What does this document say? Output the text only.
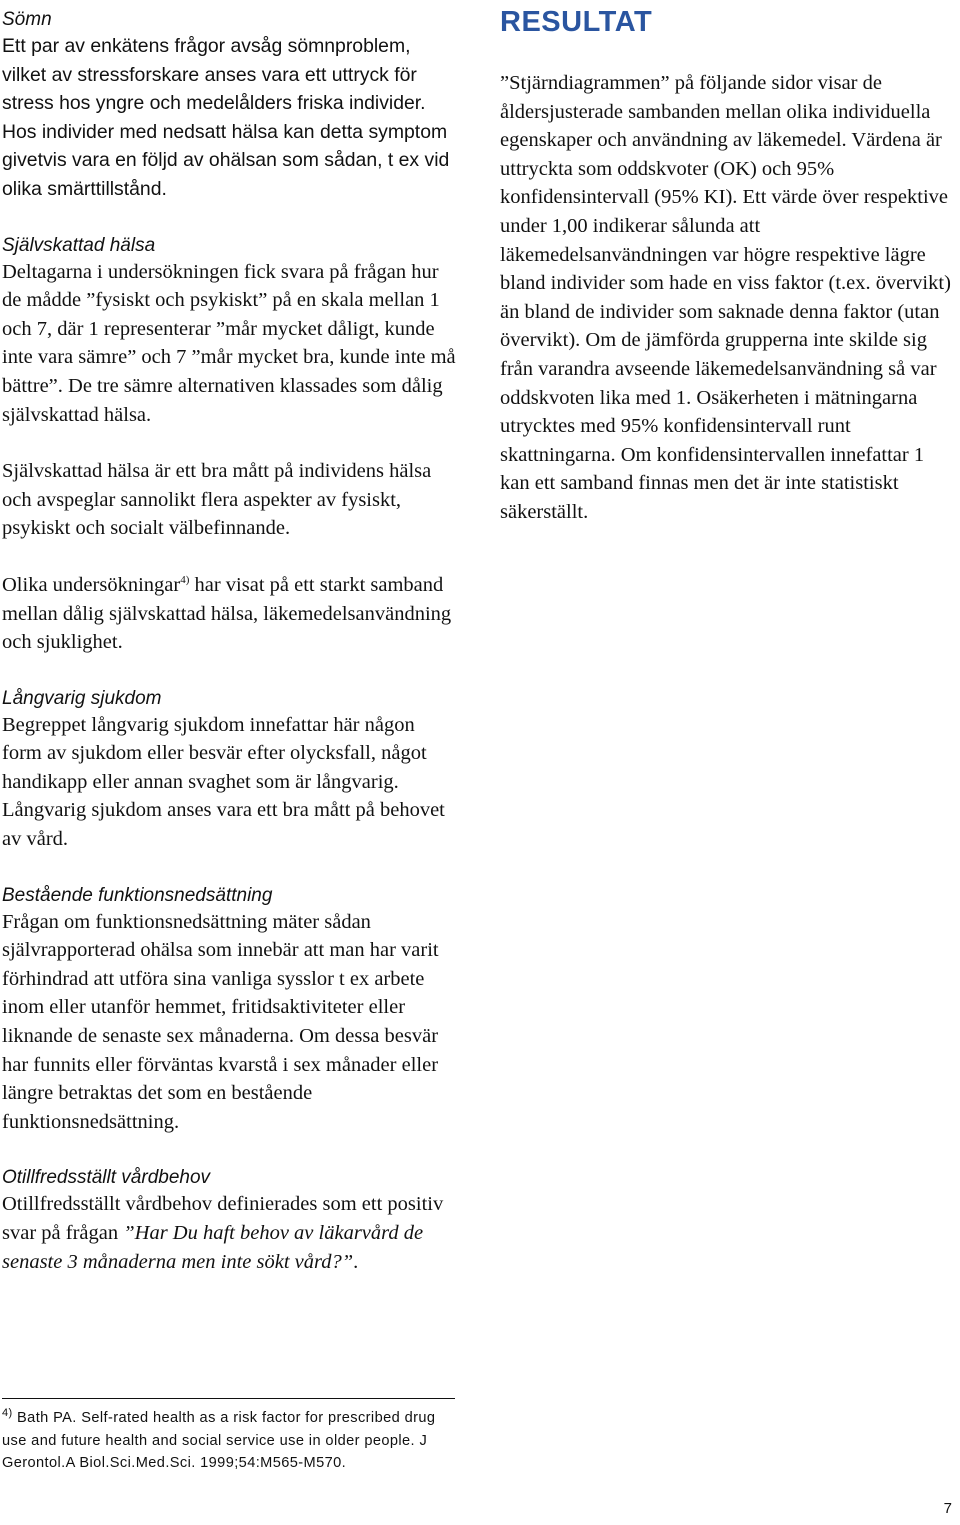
Sömn

Ett par av enkätens frågor avsåg sömnproblem, vilket av stressforskare anses vara ett uttryck för stress hos yngre och medelålders friska individer. Hos individer med nedsatt hälsa kan detta symptom givetvis vara en följd av ohälsan som sådan, t ex vid olika smärttillstånd.

Självskattad hälsa

Deltagarna i undersökningen fick svara på frågan hur de mådde ”fysiskt och psykiskt” på en skala mellan 1 och 7, där 1 representerar ”mår mycket dåligt, kunde inte vara sämre” och 7 ”mår mycket bra, kunde inte må bättre”. De tre sämre alternativen klassades som dålig självskattad hälsa.

Självskattad hälsa är ett bra mått på individens hälsa och avspeglar sannolikt flera aspekter av fysiskt, psykiskt och socialt välbefinnande.

Olika undersökningar$^{4)}$ har visat på ett starkt samband mellan dålig självskattad hälsa, läkemedelsanvändning och sjuklighet.

Långvarig sjukdom

Begreppet långvarig sjukdom innefattar här någon form av sjukdom eller besvär efter olycksfall, något handikapp eller annan svaghet som är långvarig. Långvarig sjukdom anses vara ett bra mått på behovet av vård.

Bestående funktionsnedsättning

Frågan om funktionsnedsättning mäter sådan självrapporterad ohälsa som innebär att man har varit förhindrad att utföra sina vanliga sysslor t ex arbete inom eller utanför hemmet, fritidsaktiviteter eller liknande de senaste sex månaderna. Om dessa besvär har funnits eller förväntas kvarstå i sex månader eller längre betraktas det som en bestående funktionsnedsättning.

Otillfredsställt vårdbehov

Otillfredsställt vårdbehov definierades som ett positiv svar på frågan ”Har Du haft behov av läkarvård de senaste 3 månaderna men inte sökt vård?”.

RESULTAT

”Stjärndiagrammen” på följande sidor visar de åldersjusterade sambanden mellan olika individuella egenskaper och användning av läkemedel. Värdena är uttryckta som oddskvoter (OK) och 95% konfidensintervall (95% KI). Ett värde över respektive under 1,00 indikerar sålunda att läkemedelsanvändningen var högre respektive lägre bland individer som hade en viss faktor (t.ex. övervikt) än bland de individer som saknade denna faktor (utan övervikt). Om de jämförda grupperna inte skilde sig från varandra avseende läkemedelsanvändning så var oddskvoten lika med 1. Osäkerheten i mätningarna utrycktes med 95% konfidensintervall runt skattningarna. Om konfidensintervallen innefattar 1 kan ett samband finnas men det är inte statistiskt säkerställt.

$^{4)}$ Bath PA. Self-rated health as a risk factor for prescribed drug use and future health and social service use in older people. J Gerontol.A Biol.Sci.Med.Sci. 1999;54:M565-M570.
7
